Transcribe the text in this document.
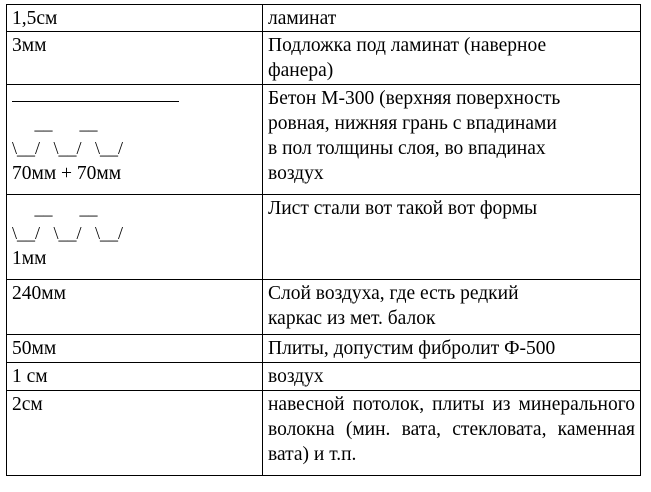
1,5см	ламинат

3мм	Подложка под ламинат (наверное
фанера)

__      __
\__/   \__/   \__/
70мм + 70мм	Бетон М-300 (верхняя поверхность
ровная, нижняя грань с впадинами
в пол толщины слоя, во впадинах
воздух

__      __
\__/   \__/   \__/
1мм	Лист стали вот такой вот формы

240мм	Слой воздуха, где есть редкий
каркас из мет. балок

50мм	Плиты, допустим фибролит Ф-500

1 см	воздух

2см	навесной потолок, плиты из минерального волокна (мин. вата, стекловата, каменная вата) и т.п.
